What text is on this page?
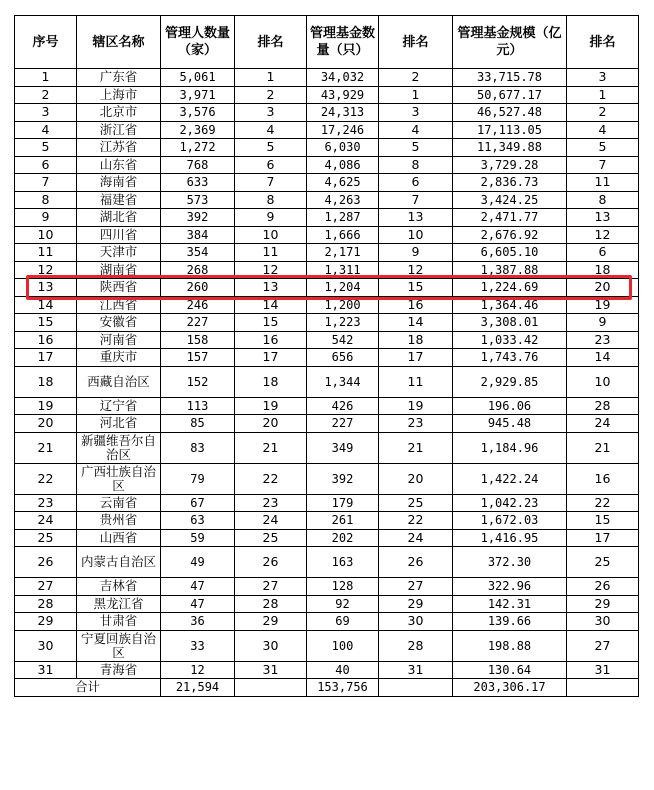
序号	辖区名称	管理人数量（家）	排名	管理基金数量（只）	排名	管理基金规模（亿元）	排名
1	广东省	5,061	1	34,032	2	33,715.78	3
2	上海市	3,971	2	43,929	1	50,677.17	1
3	北京市	3,576	3	24,313	3	46,527.48	2
4	浙江省	2,369	4	17,246	4	17,113.05	4
5	江苏省	1,272	5	6,030	5	11,349.88	5
6	山东省	768	6	4,086	8	3,729.28	7
7	海南省	633	7	4,625	6	2,836.73	11
8	福建省	573	8	4,263	7	3,424.25	8
9	湖北省	392	9	1,287	13	2,471.77	13
10	四川省	384	10	1,666	10	2,676.92	12
11	天津市	354	11	2,171	9	6,605.10	6
12	湖南省	268	12	1,311	12	1,387.88	18
13	陕西省	260	13	1,204	15	1,224.69	20
14	江西省	246	14	1,200	16	1,364.46	19
15	安徽省	227	15	1,223	14	3,308.01	9
16	河南省	158	16	542	18	1,033.42	23
17	重庆市	157	17	656	17	1,743.76	14
18	西藏自治区	152	18	1,344	11	2,929.85	10
19	辽宁省	113	19	426	19	196.06	28
20	河北省	85	20	227	23	945.48	24
21	新疆维吾尔自治区	83	21	349	21	1,184.96	21
22	广西壮族自治区	79	22	392	20	1,422.24	16
23	云南省	67	23	179	25	1,042.23	22
24	贵州省	63	24	261	22	1,672.03	15
25	山西省	59	25	202	24	1,416.95	17
26	内蒙古自治区	49	26	163	26	372.30	25
27	吉林省	47	27	128	27	322.96	26
28	黑龙江省	47	28	92	29	142.31	29
29	甘肃省	36	29	69	30	139.66	30
30	宁夏回族自治区	33	30	100	28	198.88	27
31	青海省	12	31	40	31	130.64	31
合计		21,594		153,756		203,306.17	
